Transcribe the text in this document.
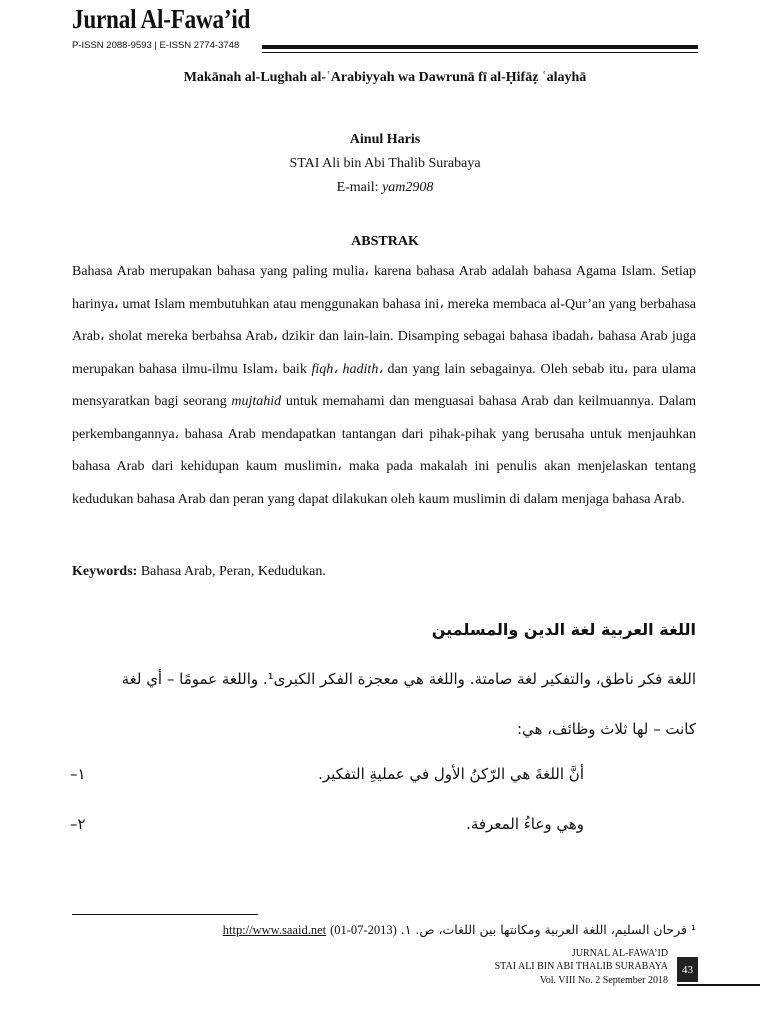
Jurnal Al-Fawa’id
P-ISSN 2088-9593 | E-ISSN 2774-3748
Makānah al-Lughah al-ʿArabiyyah wa Dawrunā fī al-Ḥifāẓ ʿalayhā
Ainul Haris
STAI Ali bin Abi Thalib Surabaya
E-mail: yam2908
ABSTRAK
Bahasa Arab merupakan bahasa yang paling mulia، karena bahasa Arab adalah bahasa Agama Islam. Setiap harinya، umat Islam membutuhkan atau menggunakan bahasa ini، mereka membaca al-Qur’an yang berbahasa Arab، sholat mereka berbahsa Arab، dzikir dan lain-lain. Disamping sebagai bahasa ibadah، bahasa Arab juga merupakan bahasa ilmu-ilmu Islam، baik fiqh، hadith، dan yang lain sebagainya. Oleh sebab itu، para ulama mensyaratkan bagi seorang mujtahid untuk memahami dan menguasai bahasa Arab dan keilmuannya. Dalam perkembangannya، bahasa Arab mendapatkan tantangan dari pihak-pihak yang berusaha untuk menjauhkan bahasa Arab dari kehidupan kaum muslimin، maka pada makalah ini penulis akan menjelaskan tentang kedudukan bahasa Arab dan peran yang dapat dilakukan oleh kaum muslimin di dalam menjaga bahasa Arab.
Keywords: Bahasa Arab, Peran, Kedudukan.
اللغة العربية لغة الدين والمسلمين
اللغة فكر ناطق، والتفكير لغة صامتة. واللغة هي معجزة الفكر الكبرى¹. واللغة عمومًا – أي لغة
كانت – لها ثلاث وظائف، هي:
١–	أنَّ اللغةَ هي الرّكنُ الأول في عمليةِ التفكير.
٢–	وهي وعاءُ المعرفة.
¹ فرحان السليم، اللغة العربية ومكانتها بين اللغات، ص. ١. (01-07-2013) http://www.saaid.net
JURNAL AL-FAWA’ID
STAI ALI BIN ABI THALIB SURABAYA
Vol. VIII No. 2 September 2018
43
